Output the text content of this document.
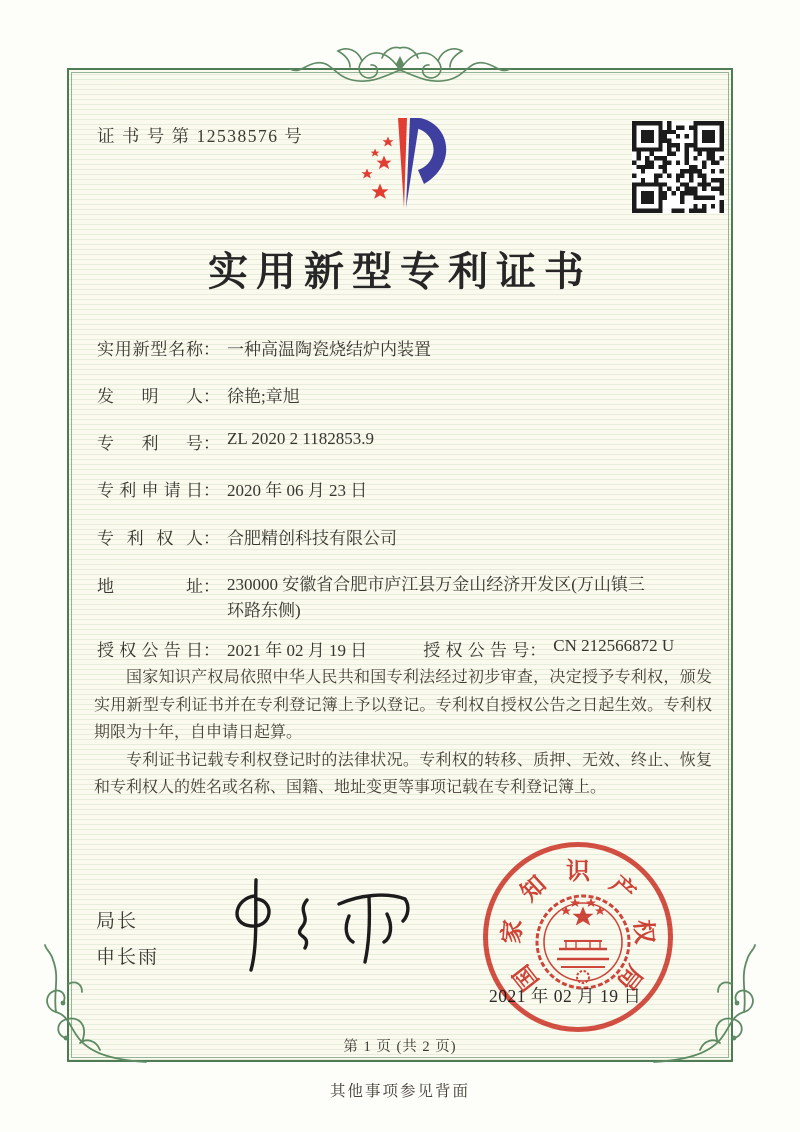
证 书 号 第 12538576 号
实用新型专利证书
实用新型名称： 一种高温陶瓷烧结炉内装置
发明人： 徐艳;章旭
专利号： ZL 2020 2 1182853.9
专利申请日： 2020 年 06 月 23 日
专利权人： 合肥精创科技有限公司
地址： 230000 安徽省合肥市庐江县万金山经济开发区(万山镇三环路东侧)
授权公告日： 2021 年 02 月 19 日	授权公告号： CN 212566872 U

国家知识产权局依照中华人民共和国专利法经过初步审查，决定授予专利权，颁发实用新型专利证书并在专利登记簿上予以登记。专利权自授权公告之日起生效。专利权期限为十年，自申请日起算。

专利证书记载专利权登记时的法律状况。专利权的转移、质押、无效、终止、恢复和专利权人的姓名或名称、国籍、地址变更等事项记载在专利登记簿上。

局长
申长雨
2021 年 02 月 19 日
国
家
知 识 产
权
局
第 1 页 (共 2 页)
其他事项参见背面
